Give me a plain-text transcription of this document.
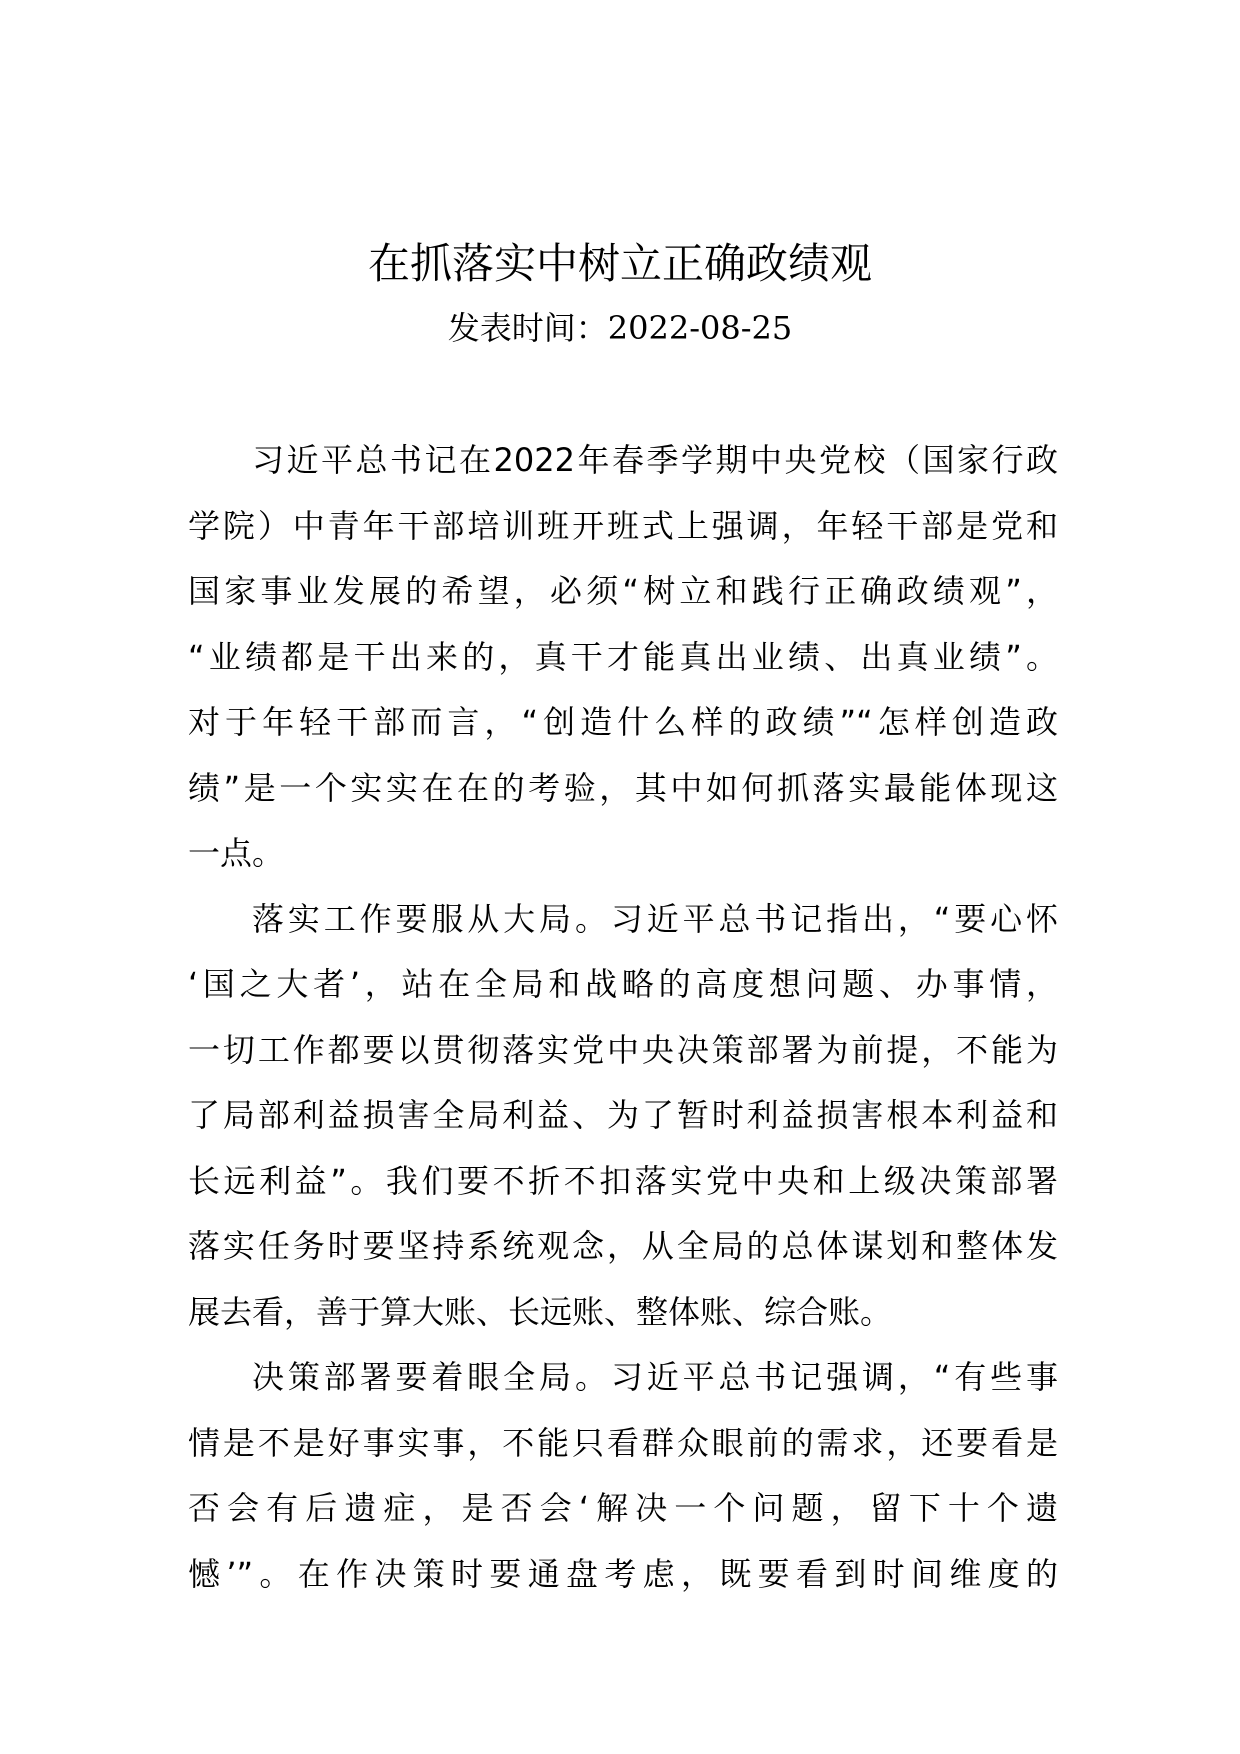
在抓落实中树立正确政绩观
发表时间：2022-08-25
习近平总书记在2022年春季学期中央党校（国家行政
学院）中青年干部培训班开班式上强调，年轻干部是党和
国家事业发展的希望，必须“树立和践行正确政绩观”，
“业绩都是干出来的，真干才能真出业绩、出真业绩”。
对于年轻干部而言，“创造什么样的政绩”“怎样创造政
绩”是一个实实在在的考验，其中如何抓落实最能体现这
一点。
落实工作要服从大局。习近平总书记指出，“要心怀
‘国之大者’，站在全局和战略的高度想问题、办事情，
一切工作都要以贯彻落实党中央决策部署为前提，不能为
了局部利益损害全局利益、为了暂时利益损害根本利益和
长远利益”。我们要不折不扣落实党中央和上级决策部署
落实任务时要坚持系统观念，从全局的总体谋划和整体发
展去看，善于算大账、长远账、整体账、综合账。
决策部署要着眼全局。习近平总书记强调，“有些事
情是不是好事实事，不能只看群众眼前的需求，还要看是
否会有后遗症，是否会‘解决一个问题，留下十个遗
憾’”。在作决策时要通盘考虑，既要看到时间维度的
